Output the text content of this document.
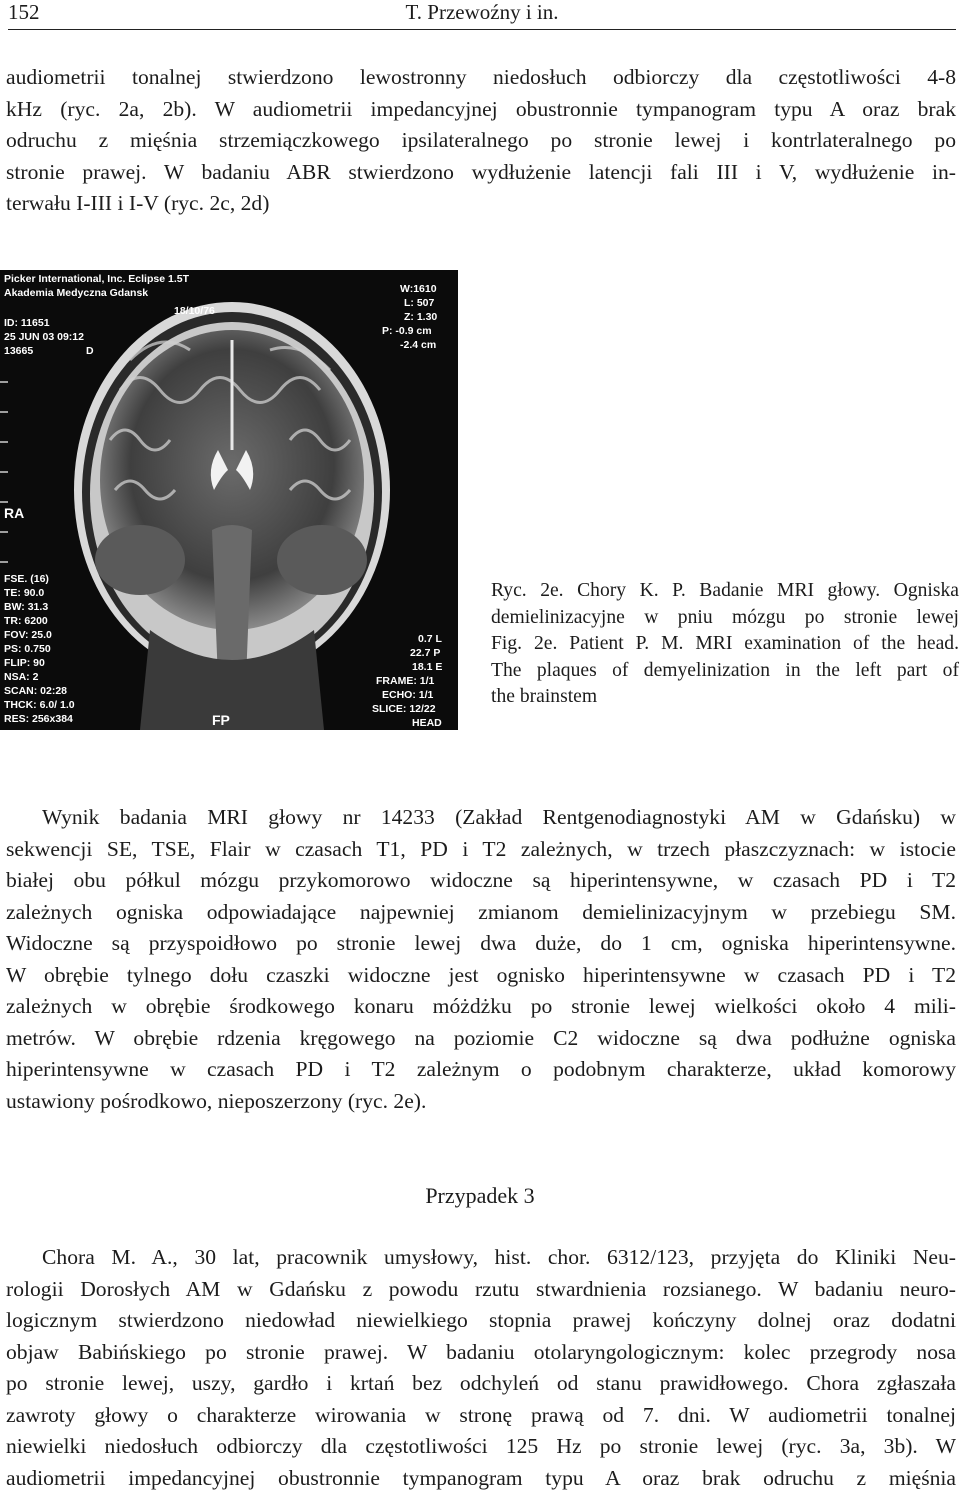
152	T. Przewoźny i in.
audiometrii tonalnej stwierdzono lewostronny niedosłuch odbiorczy dla częstotliwości 4-8
kHz (ryc. 2a, 2b). W audiometrii impedancyjnej obustronnie tympanogram typu A oraz brak
odruchu z mięśnia strzemiączkowego ipsilateralnego po stronie lewej i kontrlateralnego po
stronie prawej. W badaniu ABR stwierdzono wydłużenie latencji fali III i V, wydłużenie in-
terwału I-III i I-V (ryc. 2c, 2d)
Picker International, Inc. Eclipse 1.5T
Akademia Medyczna Gdansk
18/10/76
ID: 11651
25 JUN 03 09:12
13665	D
W:1610
L: 507
Z: 1.30
P: -0.9 cm
-2.4 cm
RA
FSE. (16)
TE: 90.0
BW: 31.3
TR: 6200
FOV: 25.0
PS: 0.750
FLIP: 90
NSA: 2
SCAN: 02:28
THCK: 6.0/ 1.0
RES: 256x384
0.7 L
22.7 P
18.1 E
FRAME: 1/1
ECHO: 1/1
SLICE: 12/22
HEAD
FP
Ryc. 2e. Chory K. P. Badanie MRI głowy. Ogniska
demielinizacyjne w pniu mózgu po stronie lewej
Fig. 2e. Patient P. M. MRI examination of the head.
The plaques of demyelinization in the left part of
the brainstem
Wynik badania MRI głowy nr 14233 (Zakład Rentgenodiagnostyki AM w Gdańsku) w
sekwencji SE, TSE, Flair w czasach T1, PD i T2 zależnych, w trzech płaszczyznach: w istocie
białej obu półkul mózgu przykomorowo widoczne są hiperintensywne, w czasach PD i T2
zależnych ogniska odpowiadające najpewniej zmianom demielinizacyjnym w przebiegu SM.
Widoczne są przyspoidłowo po stronie lewej dwa duże, do 1 cm, ogniska hiperintensywne.
W obrębie tylnego dołu czaszki widoczne jest ognisko hiperintensywne w czasach PD i T2
zależnych w obrębie środkowego konaru móżdżku po stronie lewej wielkości około 4 mili-
metrów. W obrębie rdzenia kręgowego na poziomie C2 widoczne są dwa podłużne ogniska
hiperintensywne w czasach PD i T2 zależnym o podobnym charakterze, układ komorowy
ustawiony pośrodkowo, nieposzerzony (ryc. 2e).
Przypadek 3
Chora M. A., 30 lat, pracownik umysłowy, hist. chor. 6312/123, przyjęta do Kliniki Neu-
rologii Dorosłych AM w Gdańsku z powodu rzutu stwardnienia rozsianego. W badaniu neuro-
logicznym stwierdzono niedowład niewielkiego stopnia prawej kończyny dolnej oraz dodatni
objaw Babińskiego po stronie prawej. W badaniu otolaryngologicznym: kolec przegrody nosa
po stronie lewej, uszy, gardło i krtań bez odchyleń od stanu prawidłowego. Chora zgłaszała
zawroty głowy o charakterze wirowania w stronę prawą od 7. dni. W audiometrii tonalnej
niewielki niedosłuch odbiorczy dla częstotliwości 125 Hz po stronie lewej (ryc. 3a, 3b). W
audiometrii impedancyjnej obustronnie tympanogram typu A oraz brak odruchu z mięśnia
